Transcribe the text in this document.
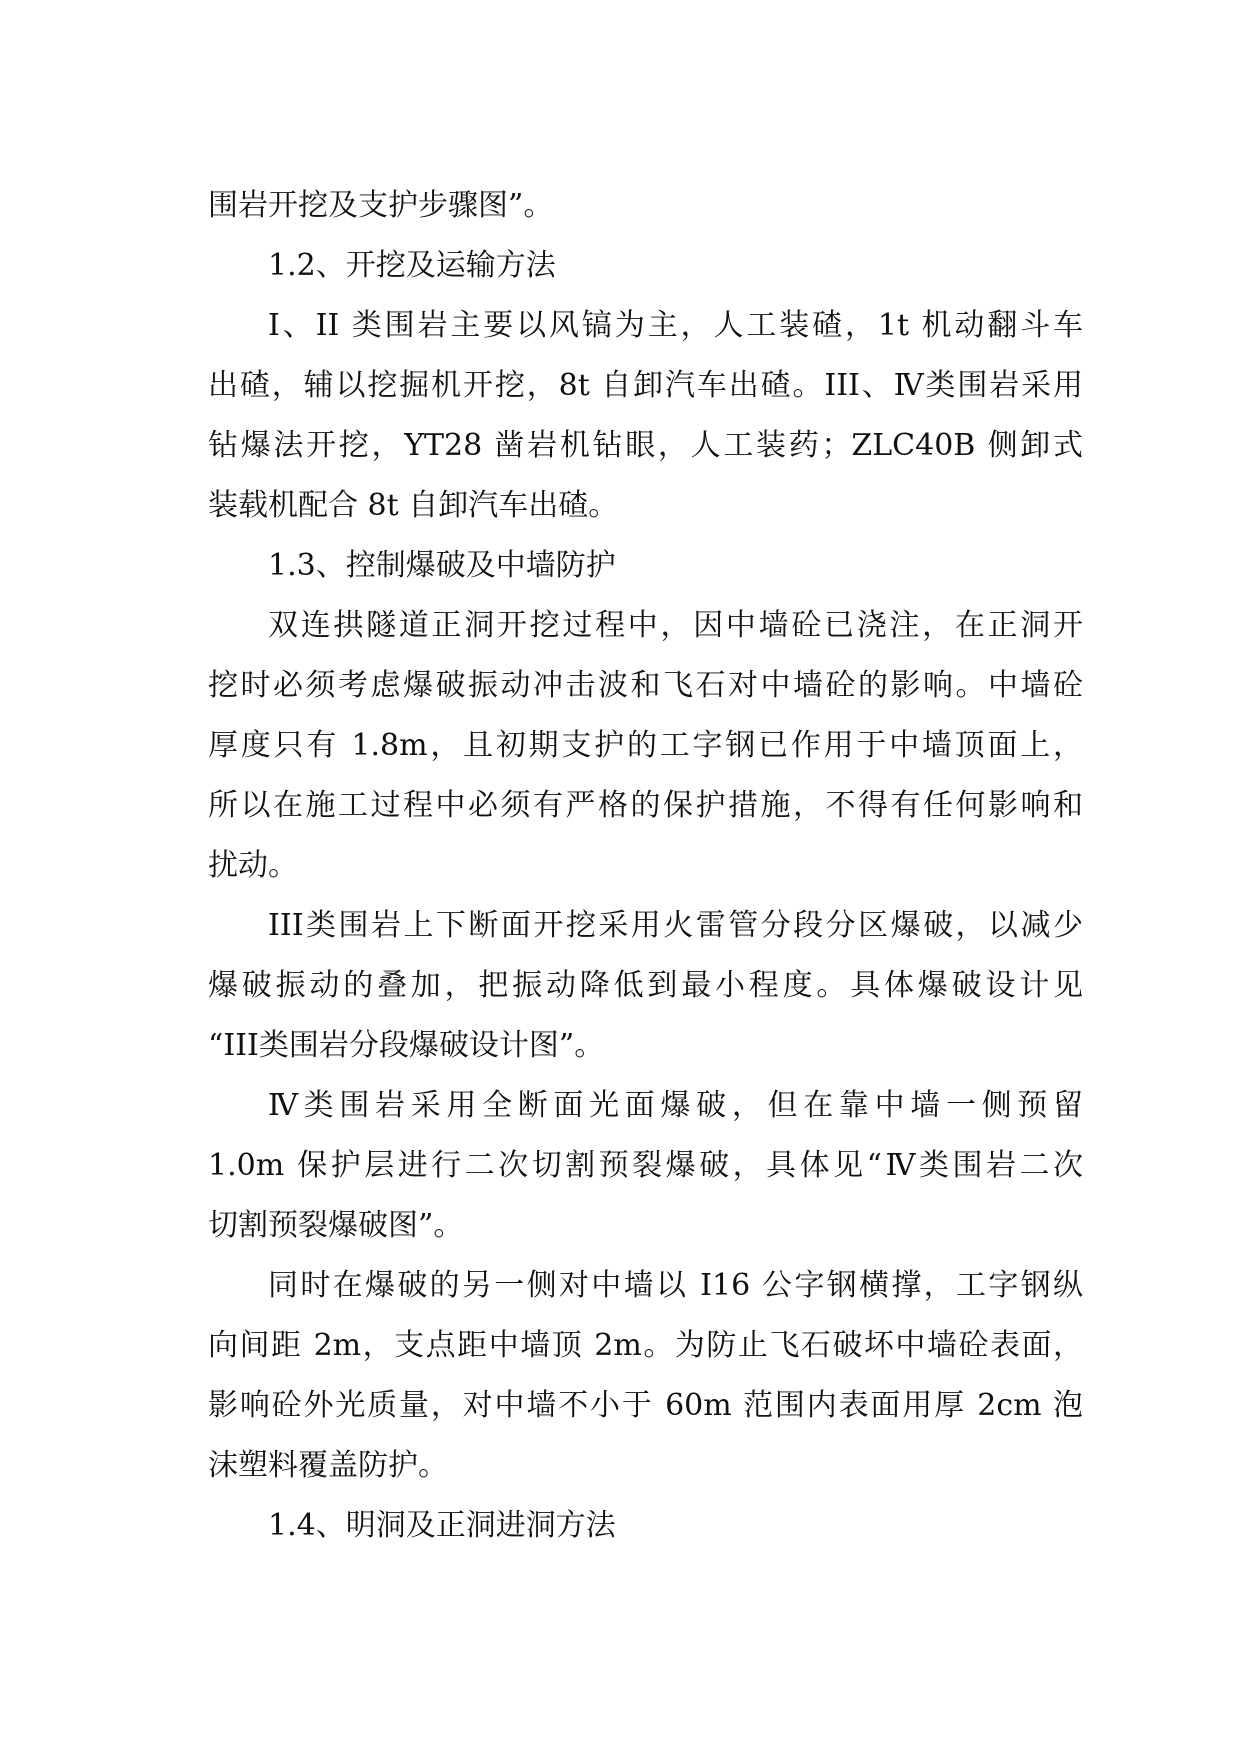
围岩开挖及支护步骤图”。
1.2、开挖及运输方法
I、II 类围岩主要以风镐为主，人工装碴，1t 机动翻斗车
出碴，辅以挖掘机开挖，8t 自卸汽车出碴。III、Ⅳ类围岩采用
钻爆法开挖，YT28 凿岩机钻眼，人工装药；ZLC40B 侧卸式
装载机配合 8t 自卸汽车出碴。
1.3、控制爆破及中墙防护
双连拱隧道正洞开挖过程中，因中墙砼已浇注，在正洞开
挖时必须考虑爆破振动冲击波和飞石对中墙砼的影响。中墙砼
厚度只有 1.8m，且初期支护的工字钢已作用于中墙顶面上，
所以在施工过程中必须有严格的保护措施，不得有任何影响和
扰动。
III类围岩上下断面开挖采用火雷管分段分区爆破，以减少
爆破振动的叠加，把振动降低到最小程度。具体爆破设计见
“III类围岩分段爆破设计图”。
Ⅳ类围岩采用全断面光面爆破，但在靠中墙一侧预留
1.0m 保护层进行二次切割预裂爆破，具体见“Ⅳ类围岩二次
切割预裂爆破图”。
同时在爆破的另一侧对中墙以 I16 公字钢横撑，工字钢纵
向间距 2m，支点距中墙顶 2m。为防止飞石破坏中墙砼表面，
影响砼外光质量，对中墙不小于 60m 范围内表面用厚 2cm 泡
沫塑料覆盖防护。
1.4、明洞及正洞进洞方法
